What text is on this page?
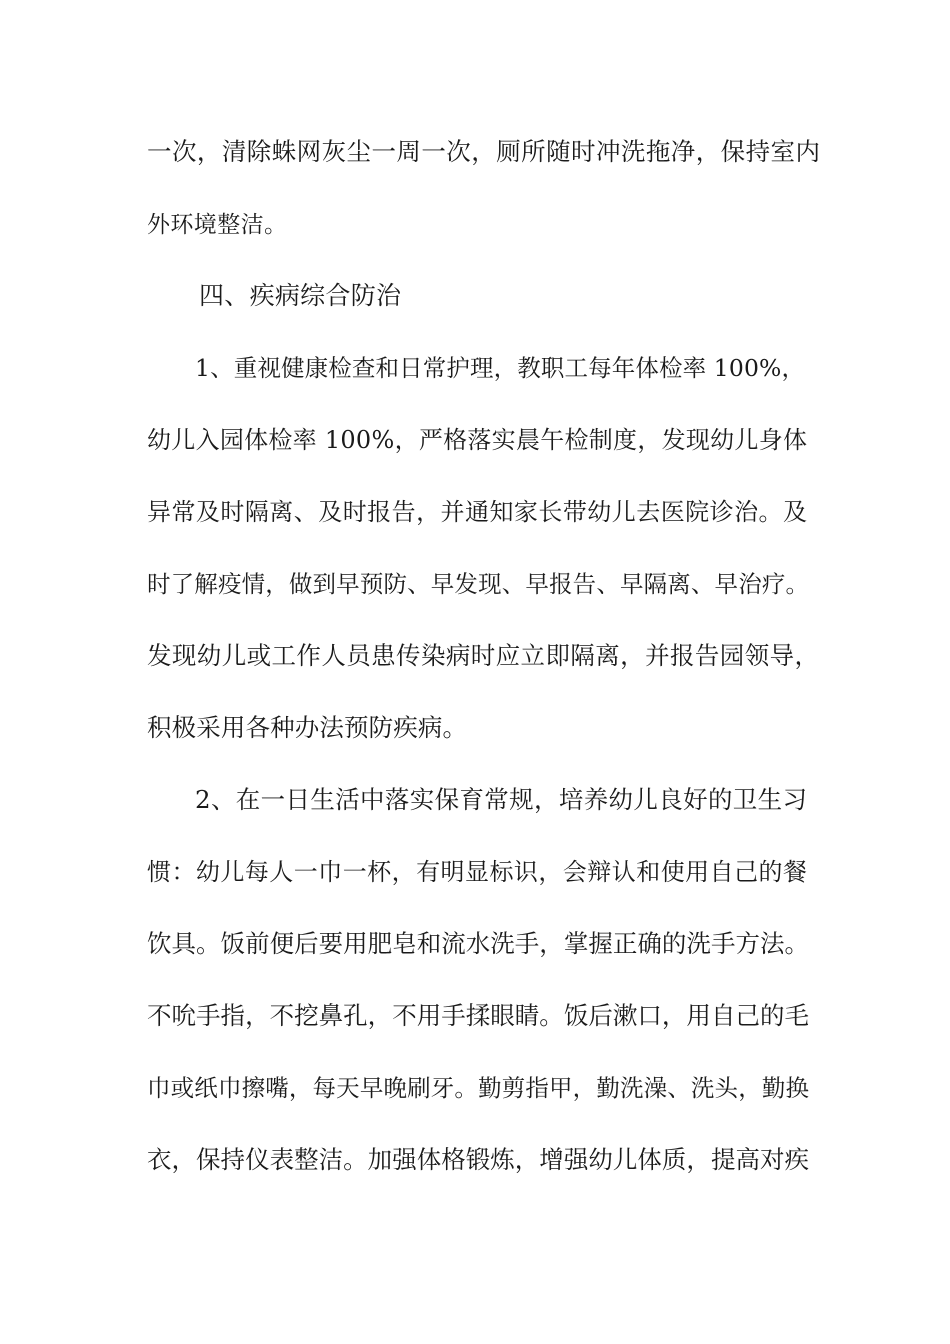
一次，清除蛛网灰尘一周一次，厕所随时冲洗拖净，保持室内
外环境整洁。
四、疾病综合防治
1、重视健康检查和日常护理，教职工每年体检率 100%，
幼儿入园体检率 100%，严格落实晨午检制度，发现幼儿身体
异常及时隔离、及时报告，并通知家长带幼儿去医院诊治。及
时了解疫情，做到早预防、早发现、早报告、早隔离、早治疗。
发现幼儿或工作人员患传染病时应立即隔离，并报告园领导，
积极采用各种办法预防疾病。
2、在一日生活中落实保育常规，培养幼儿良好的卫生习
惯：幼儿每人一巾一杯，有明显标识，会辩认和使用自己的餐
饮具。饭前便后要用肥皂和流水洗手，掌握正确的洗手方法。
不吮手指，不挖鼻孔，不用手揉眼睛。饭后漱口，用自己的毛
巾或纸巾擦嘴，每天早晚刷牙。勤剪指甲，勤洗澡、洗头，勤换
衣，保持仪表整洁。加强体格锻炼，增强幼儿体质，提高对疾
